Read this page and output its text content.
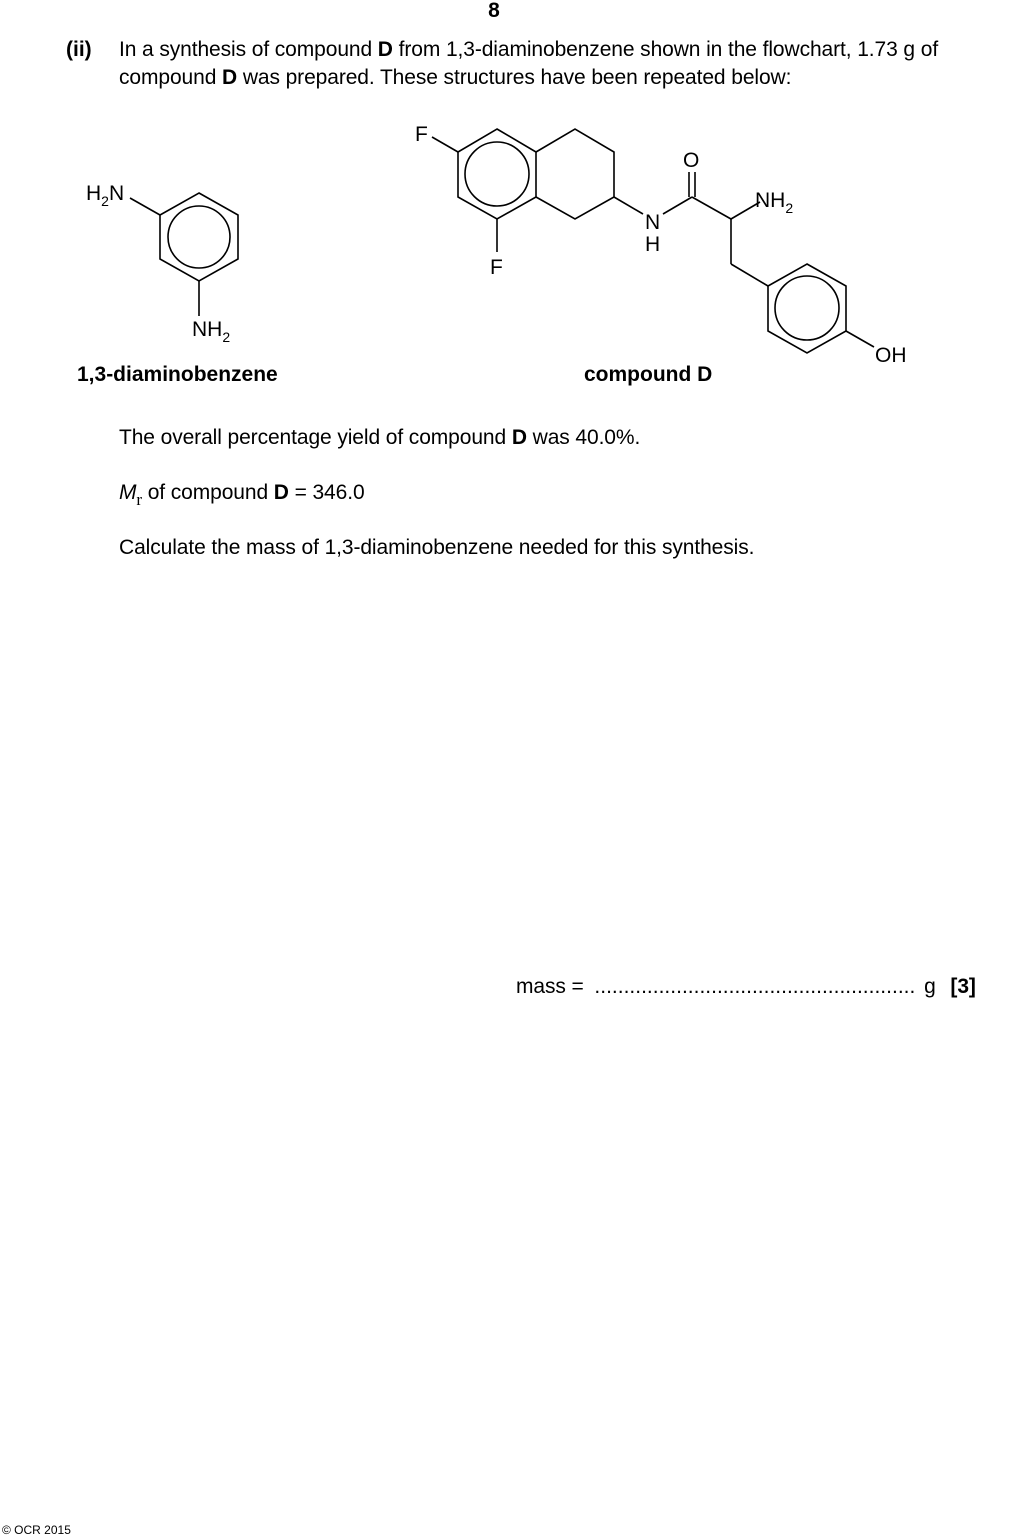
8
(ii) In a synthesis of compound D from 1,3-diaminobenzene shown in the flowchart, 1.73 g of
compound D was prepared. These structures have been repeated below:
$H_2N$
$NH_2$
1,3-diaminobenzene
F
F
O
N
H
$NH_2$
OH
compound D
The overall percentage yield of compound D was 40.0%.
$M_r$ of compound D = 346.0
Calculate the mass of 1,3-diaminobenzene needed for this synthesis.
mass = ....................................................... g [3]
© OCR 2015
